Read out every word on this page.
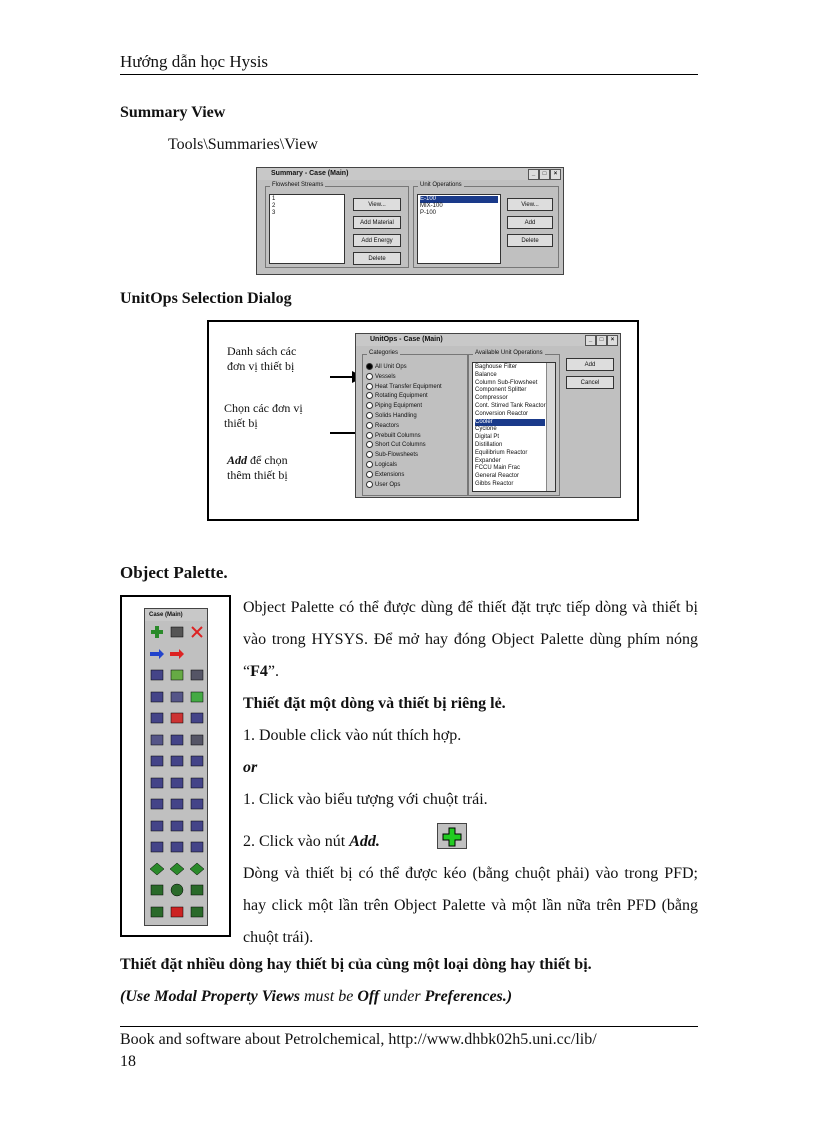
Hướng dẫn học Hysis
Summary View
Tools\Summaries\View
Summary - Case (Main)	_	□	×
Flowsheet Streams
1
2
3
View...
Add Material
Add Energy
Delete
Unit Operations
E-100
MIX-100
P-100
View...
Add
Delete
UnitOps Selection Dialog
Danh sách các
đơn vị thiết bị
Chọn các đơn vị
thiết bị
Add để chọn
thêm thiết bị
UnitOps - Case (Main)	_	□	×
Categories
All Unit Ops
Vessels
Heat Transfer Equipment
Rotating Equipment
Piping Equipment
Solids Handling
Reactors
Prebuilt Columns
Short Cut Columns
Sub-Flowsheets
Logicals
Extensions
User Ops
Available Unit Operations
Baghouse Filter
Balance
Column Sub-Flowsheet
Component Splitter
Compressor
Cont. Stirred Tank Reactor
Conversion Reactor
Cooler
Cyclone
Digital Pt
Distillation
Equilibrium Reactor
Expander
FCCU Main Frac
General Reactor
Gibbs Reactor
Add
Cancel
Object Palette.
Case (Main)	Object Palette có thể được dùng để thiết đặt trực tiếp dòng và thiết bị vào trong HYSYS. Để mở hay đóng Object Palette dùng phím nóng “F4”.
Thiết đặt một dòng và thiết bị riêng lẻ.
1. Double click vào nút thích hợp.
or
1. Click vào biểu tượng với chuột trái.
2. Click vào nút Add.
Dòng và thiết bị có thể được kéo (bằng chuột phải) vào trong PFD; hay click một lần trên Object Palette và một lần nữa trên PFD (bằng chuột trái).
Thiết đặt nhiều dòng hay thiết bị của cùng một loại dòng hay thiết bị.
(Use Modal Property Views must be Off under Preferences.)
Book and software about Petrolchemical, http://www.dhbk02h5.uni.cc/lib/
18
